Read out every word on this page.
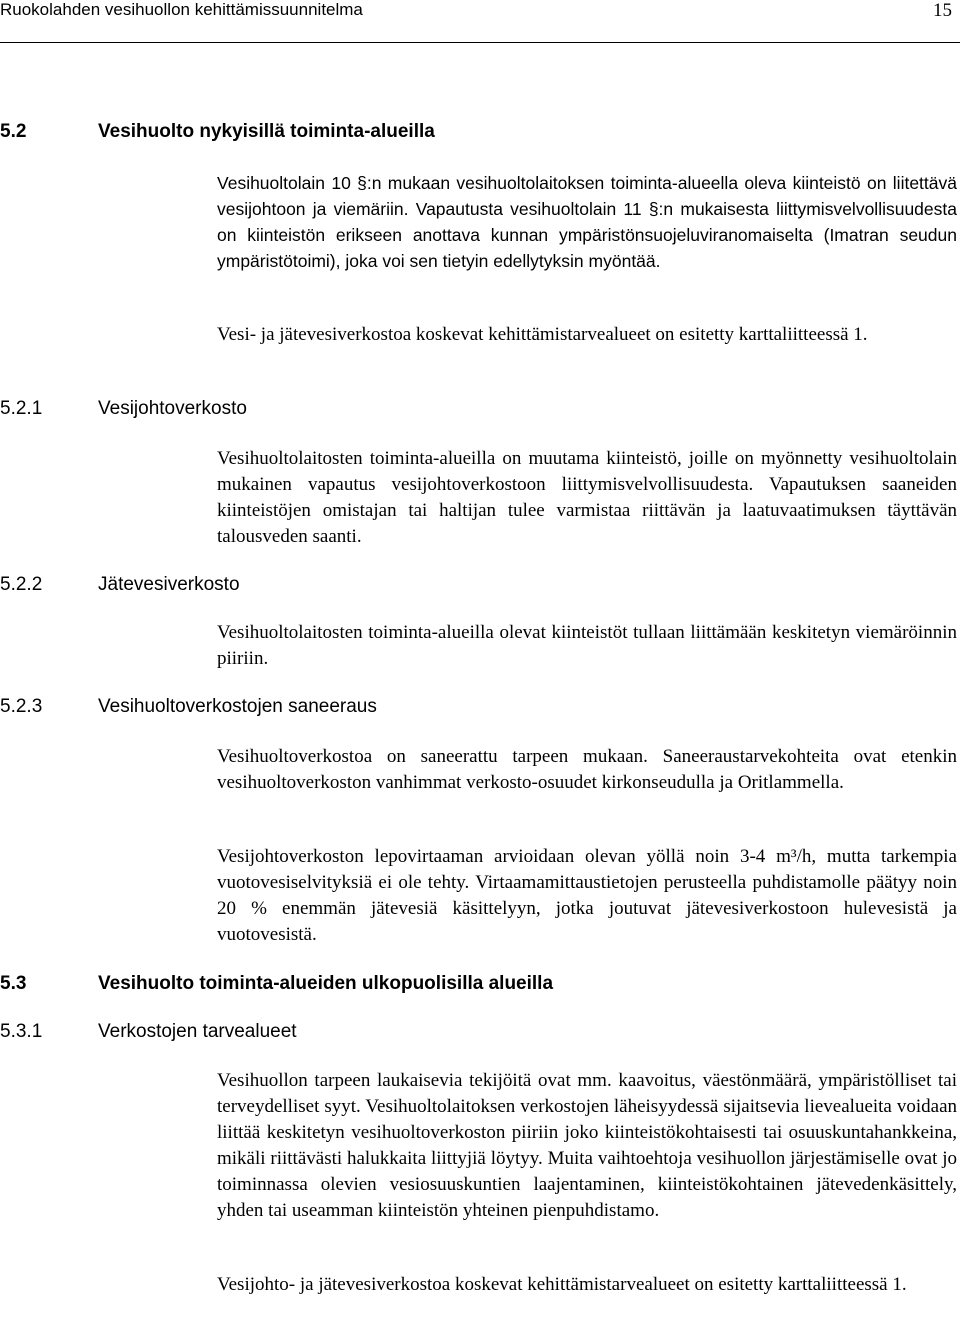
Ruokolahden vesihuollon kehittämissuunnitelma	15
5.2	Vesihuolto nykyisillä toiminta-alueilla

Vesihuoltolain 10 §:n mukaan vesihuoltolaitoksen toiminta-alueella oleva kiinteistö on liitettävä vesijohtoon ja viemäriin. Vapautusta vesihuoltolain 11 §:n mukaisesta liittymisvelvollisuudesta on kiinteistön erikseen anottava kunnan ympäristönsuojeluviranomaiselta (Imatran seudun ympäristötoimi), joka voi sen tietyin edellytyksin myöntää.

Vesi- ja jätevesiverkostoa koskevat kehittämistarvealueet on esitetty karttaliitteessä 1.

5.2.1	Vesijohtoverkosto

Vesihuoltolaitosten toiminta-alueilla on muutama kiinteistö, joille on myönnetty vesihuoltolain mukainen vapautus vesijohtoverkostoon liittymisvelvollisuudesta. Vapautuksen saaneiden kiinteistöjen omistajan tai haltijan tulee varmistaa riittävän ja laatuvaatimuksen täyttävän talousveden saanti.

5.2.2	Jätevesiverkosto

Vesihuoltolaitosten toiminta-alueilla olevat kiinteistöt tullaan liittämään keskitetyn viemäröinnin piiriin.

5.2.3	Vesihuoltoverkostojen saneeraus

Vesihuoltoverkostoa on saneerattu tarpeen mukaan. Saneeraustarvekohteita ovat etenkin vesihuoltoverkoston vanhimmat verkosto-osuudet kirkonseudulla ja Oritlammella.

Vesijohtoverkoston lepovirtaaman arvioidaan olevan yöllä noin 3-4 m³/h, mutta tarkempia vuotovesiselvityksiä ei ole tehty. Virtaamamittaustietojen perusteella puhdistamolle päätyy noin 20 % enemmän jätevesiä käsittelyyn, jotka joutuvat jätevesiverkostoon hulevesistä ja vuotovesistä.

5.3	Vesihuolto toiminta-alueiden ulkopuolisilla alueilla
5.3.1	Verkostojen tarvealueet

Vesihuollon tarpeen laukaisevia tekijöitä ovat mm. kaavoitus, väestönmäärä, ympäristölliset tai terveydelliset syyt. Vesihuoltolaitoksen verkostojen läheisyydessä sijaitsevia lievealueita voidaan liittää keskitetyn vesihuoltoverkoston piiriin joko kiinteistökohtaisesti tai osuuskuntahankkeina, mikäli riittävästi halukkaita liittyjiä löytyy. Muita vaihtoehtoja vesihuollon järjestämiselle ovat jo toiminnassa olevien vesiosuuskuntien laajentaminen, kiinteistökohtainen jätevedenkäsittely, yhden tai useamman kiinteistön yhteinen pienpuhdistamo.

Vesijohto- ja jätevesiverkostoa koskevat kehittämistarvealueet on esitetty karttaliitteessä 1.
